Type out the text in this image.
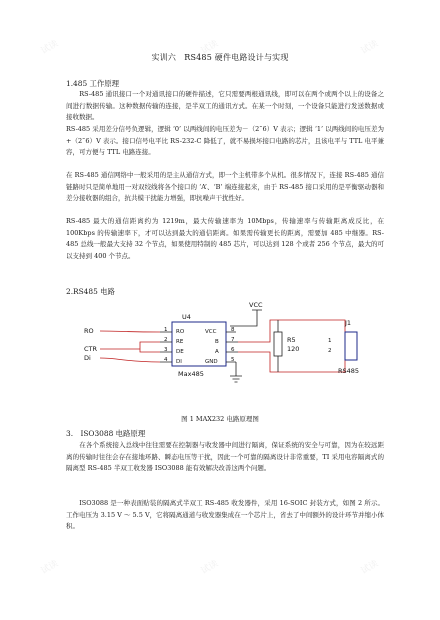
实训六　RS485 硬件电路设计与实现
1.485 工作原理

　　RS-485 通讯接口一个对通讯接口的硬件描述，它只需要两根通讯线，即可以在两个或两个以上的设备之间进行数据传输。这种数据传输的连接，是半双工的通讯方式。在某一个时刻，一个设备只能进行发送数据或接收数据。

RS-485 采用差分信号负逻辑，逻辑 ‘0’ 以两线间的电压差为－（2˜6）V 表示；逻辑 ‘1’ 以两线间的电压差为+（2˜6）V 表示。接口信号电平比 RS-232-C 降低了，就不易损坏接口电路的芯片，且该电平与 TTL 电平兼容，可方便与 TTL 电路连接。

在 RS-485 通信网络中一般采用的是主从通信方式，即一个主机带多个从机。很多情况下，连接 RS-485 通信链路时只是简单地用一对双绞线将各个接口的 ‘A’、‘B’ 端连接起来，由于 RS-485 接口采用的是平衡驱动器和差分接收器的组合，抗共模干扰能力增强，即抗噪声干扰性好。

RS-485 最大的通信距离约为 1219m，最大传输速率为 10Mbps，传输速率与传输距离成反比，在 100Kbps 的传输速率下，才可以达到最大的通信距离。如果需传输更长的距离，需要加 485 中继器。RS-485 总线一般最大支持 32 个节点，如果使用特制的 485 芯片，可以达到 128 个或者 256 个节点，最大的可以支持到 400 个节点。

2.RS485 电路
VCC
U4
Max485
RO
RE
DE
DI
1
2
3
4
VCC
B
A
GND
8
7
6
5
RO
CTR
Di
R5
120
J1
1
2
RS485
图 1 MAX232 电路原理图
3.　ISO3088 电路原理

　　在各个系统接入总线中往往需要在控制器与收发器中间进行隔离，保证系统的安全与可靠，因为在较远距离的传输时往往会存在接地环路、瞬态电压等干扰，因此一个可靠的隔离设计非常重要，TI 采用电容隔离式的隔离型 RS-485 半双工收发器 ISO3088 能有效解决改善这两个问题。

　　ISO3088 是一种表面贴装的隔离式半双工 RS-485 收发器件，采用 16-SOIC 封装方式，如图 2 所示。工作电压为 3.15 V ～ 5.5 V，它将隔离通道与收发器集成在一个芯片上，省去了中间额外的设计环节并缩小体积。

试读	试读	试读
试读	试读	试读
